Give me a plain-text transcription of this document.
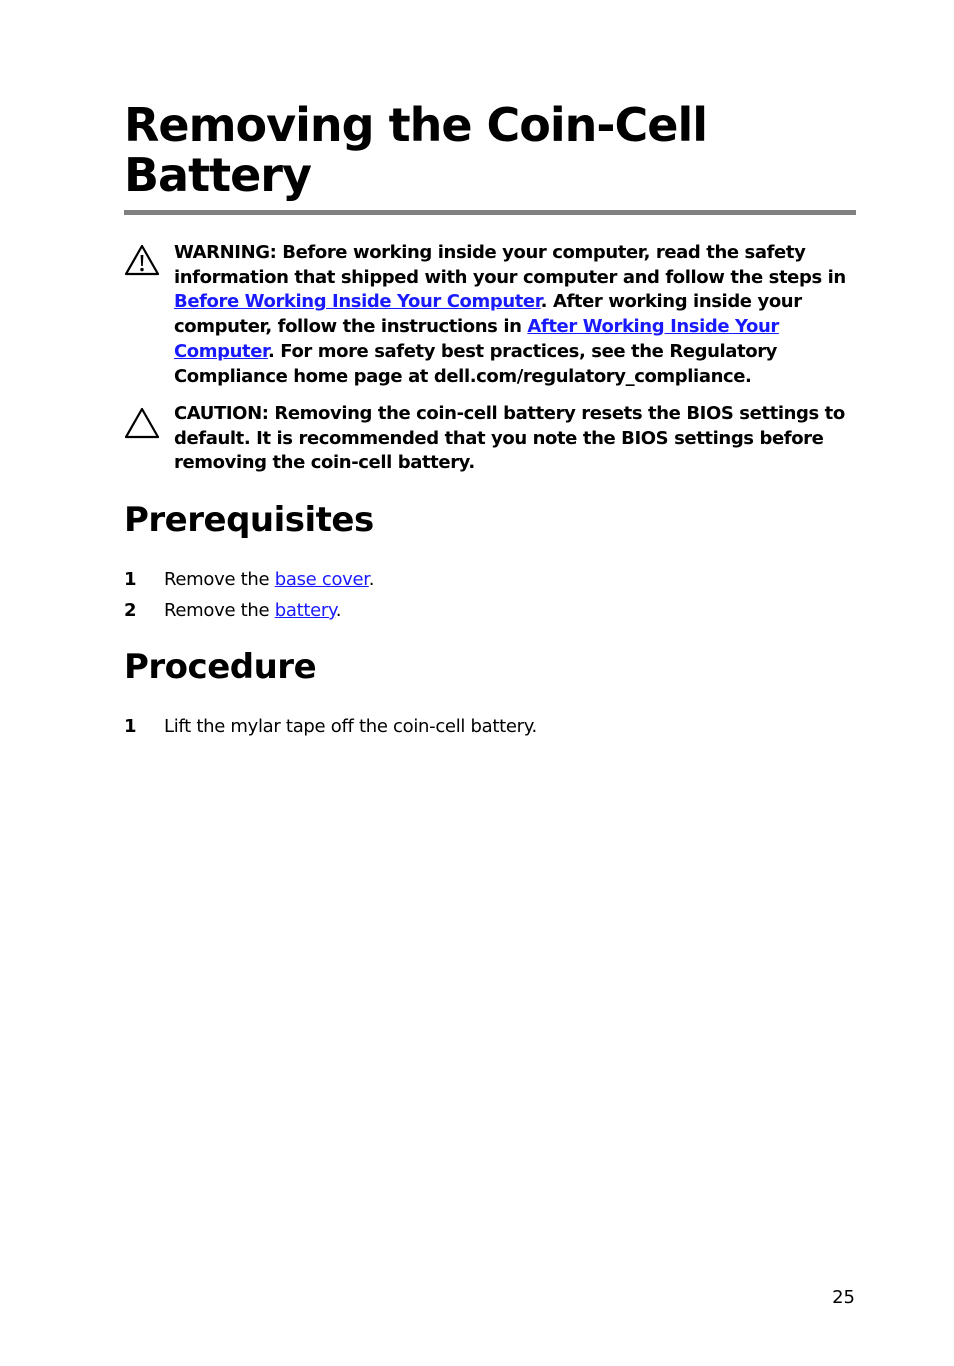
Removing the Coin-Cell Battery
WARNING: Before working inside your computer, read the safety information that shipped with your computer and follow the steps in Before Working Inside Your Computer. After working inside your computer, follow the instructions in After Working Inside Your Computer. For more safety best practices, see the Regulatory Compliance home page at dell.com/regulatory_compliance.
CAUTION: Removing the coin-cell battery resets the BIOS settings to default. It is recommended that you note the BIOS settings before removing the coin-cell battery.
Prerequisites
1	Remove the base cover.
2	Remove the battery.
Procedure
1	Lift the mylar tape off the coin-cell battery.
25
